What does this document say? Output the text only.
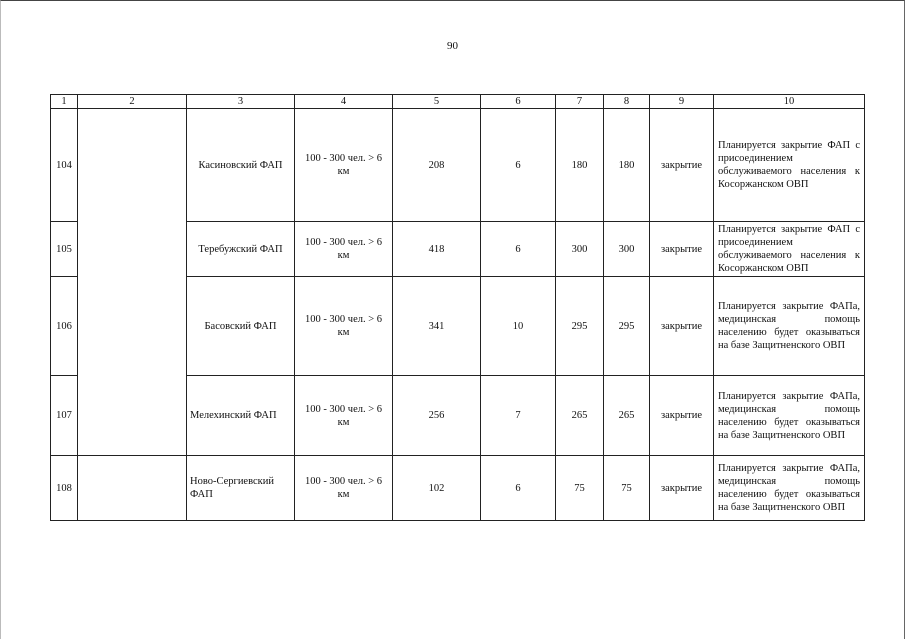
90
1	2	3	4	5	6	7	8	9	10
104		Касиновский ФАП	100 - 300 чел. > 6 км	208	6	180	180	закрытие	Планируется закрытие ФАП с присоединением обслуживаемого населения к Косоржанском ОВП
105		Теребужский ФАП	100 - 300 чел. > 6 км	418	6	300	300	закрытие	Планируется закрытие ФАП с присоединением обслуживаемого населения к Косоржанском ОВП
106		Басовский ФАП	100 - 300 чел. > 6 км	341	10	295	295	закрытие	Планируется закрытие ФАПа, медицинская помощь населению будет оказываться на базе Защитненского ОВП
107		Мелехинский ФАП	100 - 300 чел. > 6 км	256	7	265	265	закрытие	Планируется закрытие ФАПа, медицинская помощь населению будет оказываться на базе Защитненского ОВП
108		Ново-Сергиевский ФАП	100 - 300 чел. > 6 км	102	6	75	75	закрытие	Планируется закрытие ФАПа, медицинская помощь населению будет оказываться на базе Защитненского ОВП
